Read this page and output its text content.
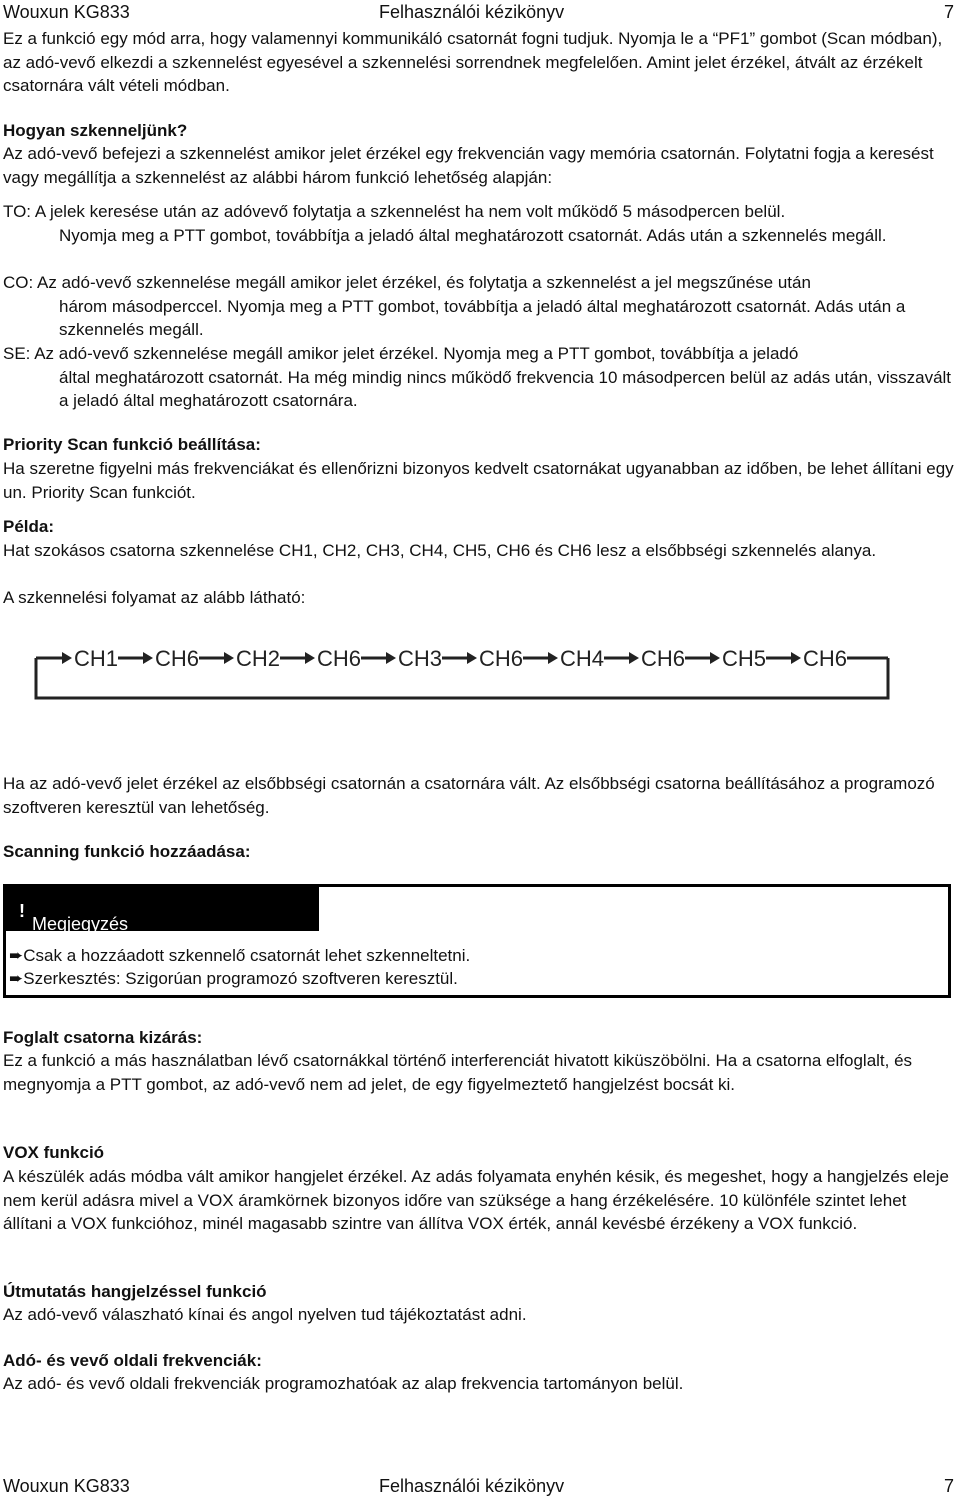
Wouxun KG833	Felhasználói kézikönyv	7

Ez a funkció egy mód arra, hogy valamennyi kommunikáló csatornát fogni tudjuk. Nyomja le a “PF1” gombot (Scan módban), az adó-vevő elkezdi a szkennelést egyesével a szkennelési sorrendnek megfelelően. Amint jelet érzékel, átvált az érzékelt csatornára vált vételi módban.

Hogyan szkenneljünk?

Az adó-vevő befejezi a szkennelést amikor jelet érzékel egy frekvencián vagy memória csatornán. Folytatni fogja a keresést vagy megállítja a szkennelést az alábbi három funkció lehetőség alapján:

TO: A jelek keresése után az adóvevő folytatja a szkennelést ha nem volt működő 5 másodpercen belül.
Nyomja meg a PTT gombot, továbbítja a jeladó által meghatározott csatornát. Adás után a szkennelés megáll.
CO: Az adó-vevő szkennelése megáll amikor jelet érzékel, és folytatja a szkennelést a jel megszűnése után
három másodperccel. Nyomja meg a PTT gombot, továbbítja a jeladó által meghatározott csatornát. Adás után a szkennelés megáll.
SE: Az adó-vevő szkennelése megáll amikor jelet érzékel. Nyomja meg a PTT gombot, továbbítja a jeladó
által meghatározott csatornát. Ha még mindig nincs működő frekvencia 10 másodpercen belül az adás után, visszavált a jeladó által meghatározott csatornára.

Priority Scan funkció beállítása:

Ha szeretne figyelni más frekvenciákat és ellenőrizni bizonyos kedvelt csatornákat ugyanabban az időben, be lehet állítani egy un. Priority Scan funkciót.

Példa:

Hat szokásos csatorna szkennelése CH1, CH2, CH3, CH4, CH5, CH6 és CH6 lesz a elsőbbségi szkennelés alanya.

A szkennelési folyamat az alább látható:

CH1 CH6 CH2 CH6 CH3 CH6 CH4 CH6 CH5 CH6

Ha az adó-vevő jelet érzékel az elsőbbségi csatornán a csatornára vált. Az elsőbbségi csatorna beállításához a programozó szoftveren keresztül van lehetőség.

Scanning funkció hozzáadása:

Megjegyzés
!
➨Csak a hozzáadott szkennelő csatornát lehet szkenneltetni.
➨Szerkesztés: Szigorúan programozó szoftveren keresztül.

Foglalt csatorna kizárás:

Ez a funkció a más használatban lévő csatornákkal történő interferenciát hivatott kiküszöbölni. Ha a csatorna elfoglalt, és megnyomja a PTT gombot, az adó-vevő nem ad jelet, de egy figyelmeztető hangjelzést bocsát ki.

VOX funkció

A készülék adás módba vált amikor hangjelet érzékel. Az adás folyamata enyhén késik, és megeshet, hogy a hangjelzés eleje nem kerül adásra mivel a VOX áramkörnek bizonyos időre van szüksége a hang érzékelésére. 10 különféle szintet lehet állítani a VOX funkcióhoz, minél magasabb szintre van állítva VOX érték, annál kevésbé érzékeny a VOX funkció.

Útmutatás hangjelzéssel funkció

Az adó-vevő válaszható kínai és angol nyelven tud tájékoztatást adni.

Adó- és vevő oldali frekvenciák:

Az adó- és vevő oldali frekvenciák programozhatóak az alap frekvencia tartományon belül.

Wouxun KG833	Felhasználói kézikönyv	7
